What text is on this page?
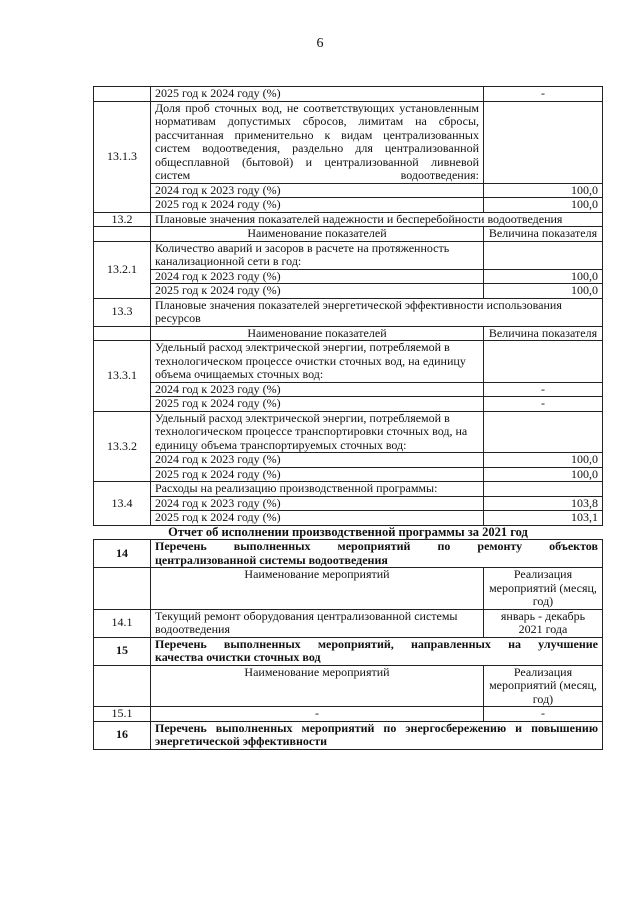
6
	2025 год к 2024 году (%)	-
13.1.3	Доля проб сточных вод, не соответствующих установленным нормативам допустимых сбросов, лимитам на сбросы, рассчитанная применительно к видам централизованных систем водоотведения, раздельно для централизованной общесплавной (бытовой) и централизованной ливневой систем водоотведения:	
	2024 год к 2023 году (%)	100,0
	2025 год к 2024 году (%)	100,0
13.2	Плановые значения показателей надежности и бесперебойности водоотведения	
	Наименование показателей	Величина показателя
13.2.1	Количество аварий и засоров в расчете на протяженность канализационной сети в год:	
	2024 год к 2023 году (%)	100,0
	2025 год к 2024 году (%)	100,0
13.3	Плановые значения показателей энергетической эффективности использования ресурсов	
	Наименование показателей	Величина показателя
13.3.1	Удельный расход электрической энергии, потребляемой в технологическом процессе очистки сточных вод, на единицу объема очищаемых сточных вод:	
	2024 год к 2023 году (%)	-
	2025 год к 2024 году (%)	-
13.3.2	Удельный расход электрической энергии, потребляемой в технологическом процессе транспортировки сточных вод, на единицу объема транспортируемых сточных вод:	
	2024 год к 2023 году (%)	100,0
	2025 год к 2024 году (%)	100,0
13.4	Расходы на реализацию производственной программы:	
	2024 год к 2023 году (%)	103,8
	2025 год к 2024 году (%)	103,1
Отчет об исполнении производственной программы за 2021 год		
14	Перечень выполненных мероприятий по ремонту объектов
централизованной системы водоотведения	

	Наименование мероприятий	Реализация мероприятий (месяц, год)
14.1	Текущий ремонт оборудования централизованной системы водоотведения	январь - декабрь 2021 года
15	Перечень выполненных мероприятий, направленных на улучшение
качества очистки сточных вод	

	Наименование мероприятий	Реализация мероприятий (месяц, год)
15.1	-	-
16	Перечень выполненных мероприятий по энергосбережению и повышению
энергетической эффективности	
